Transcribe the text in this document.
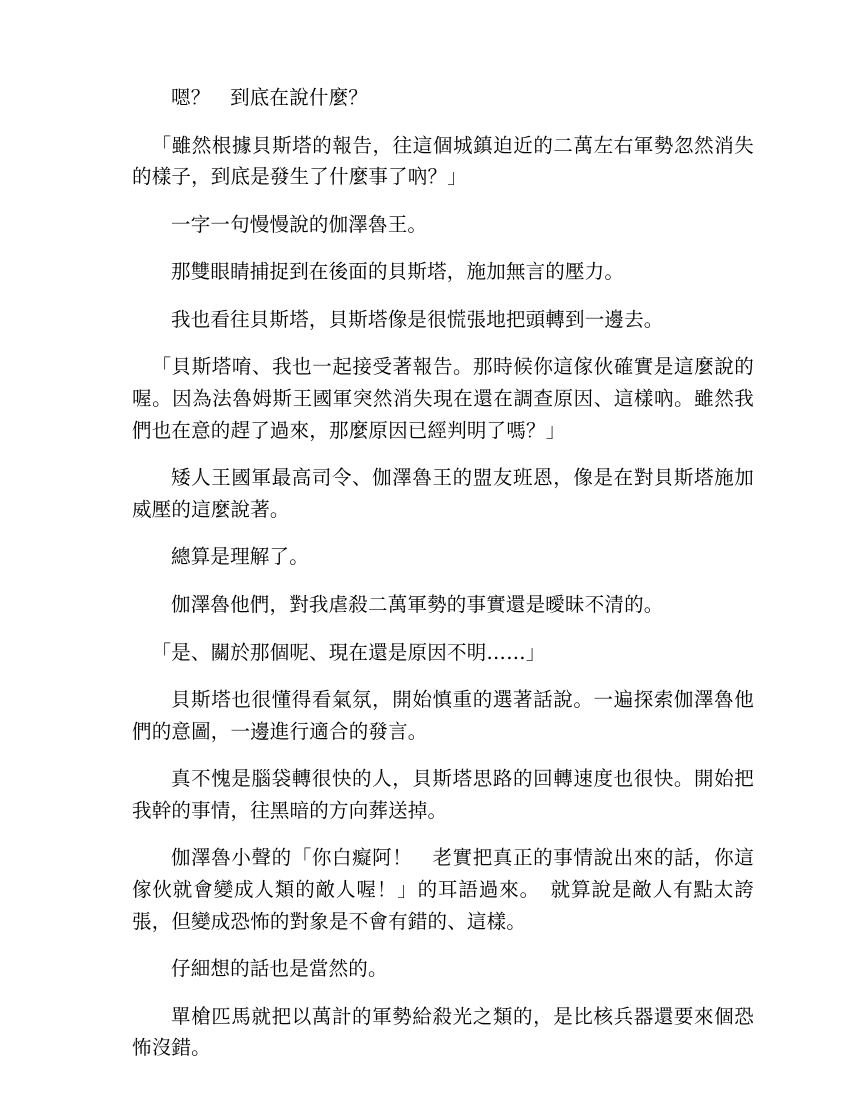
嗯？　到底在說什麼？

「雖然根據貝斯塔的報告，往這個城鎮迫近的二萬左右軍勢忽然消失的樣子，到底是發生了什麼事了吶？」

一字一句慢慢說的伽澤魯王。

那雙眼睛捕捉到在後面的貝斯塔，施加無言的壓力。

我也看往貝斯塔，貝斯塔像是很慌張地把頭轉到一邊去。

「貝斯塔唷、我也一起接受著報告。那時候你這傢伙確實是這麼說的喔。因為法魯姆斯王國軍突然消失現在還在調查原因、這樣吶。雖然我們也在意的趕了過來，那麼原因已經判明了嗎？」

矮人王國軍最高司令、伽澤魯王的盟友班恩，像是在對貝斯塔施加威壓的這麼說著。

總算是理解了。

伽澤魯他們，對我虐殺二萬軍勢的事實還是曖昧不清的。

「是、關於那個呢、現在還是原因不明……」

貝斯塔也很懂得看氣氛，開始慎重的選著話說。一遍探索伽澤魯他們的意圖，一邊進行適合的發言。

真不愧是腦袋轉很快的人，貝斯塔思路的回轉速度也很快。開始把我幹的事情，往黑暗的方向葬送掉。

伽澤魯小聲的「你白癡阿！　老實把真正的事情說出來的話，你這傢伙就會變成人類的敵人喔！」的耳語過來。　就算說是敵人有點太誇張，但變成恐怖的對象是不會有錯的、這樣。

仔細想的話也是當然的。

單槍匹馬就把以萬計的軍勢給殺光之類的，是比核兵器還要來個恐怖沒錯。
